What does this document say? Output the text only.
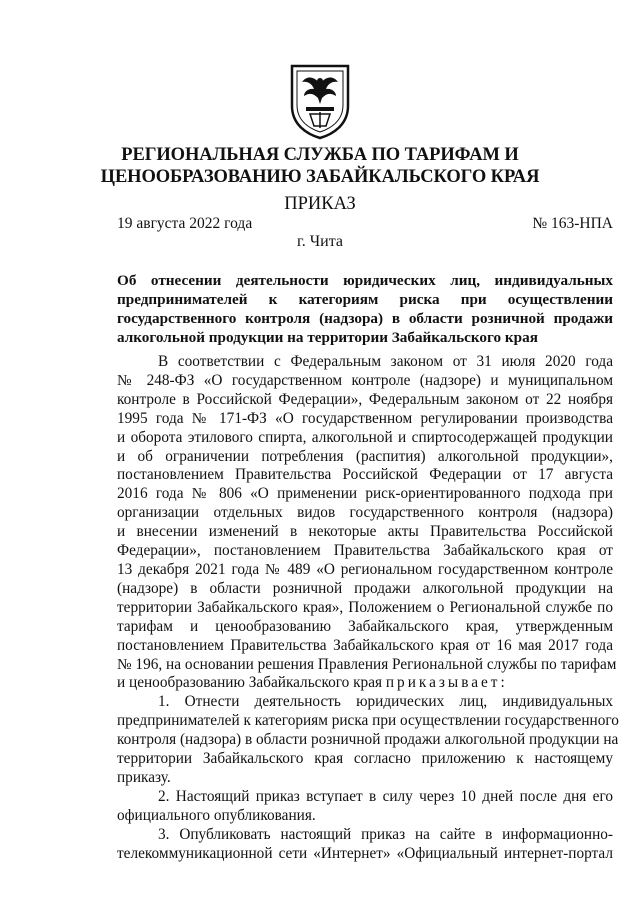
РЕГИОНАЛЬНАЯ СЛУЖБА ПО ТАРИФАМ И
ЦЕНООБРАЗОВАНИЮ ЗАБАЙКАЛЬСКОГО КРАЯ
ПРИКАЗ
19 августа 2022 года	№ 163-НПА
г. Чита
Об отнесении деятельности юридических лиц, индивидуальных
предпринимателей к категориям риска при осуществлении
государственного контроля (надзора) в области розничной продажи
алкогольной продукции на территории Забайкальского края
В соответствии с Федеральным законом от 31 июля 2020 года
№ 248-ФЗ «О государственном контроле (надзоре) и муниципальном
контроле в Российской Федерации», Федеральным законом от 22 ноября
1995 года № 171-ФЗ «О государственном регулировании производства
и оборота этилового спирта, алкогольной и спиртосодержащей продукции
и об ограничении потребления (распития) алкогольной продукции»,
постановлением Правительства Российской Федерации от 17 августа
2016 года № 806 «О применении риск-ориентированного подхода при
организации отдельных видов государственного контроля (надзора)
и внесении изменений в некоторые акты Правительства Российской
Федерации», постановлением Правительства Забайкальского края от
13 декабря 2021 года № 489 «О региональном государственном контроле
(надзоре) в области розничной продажи алкогольной продукции на
территории Забайкальского края», Положением о Региональной службе по
тарифам и ценообразованию Забайкальского края, утвержденным
постановлением Правительства Забайкальского края от 16 мая 2017 года
№ 196, на основании решения Правления Региональной службы по тарифам
и ценообразованию Забайкальского края приказывает:
1. Отнести деятельность юридических лиц, индивидуальных
предпринимателей к категориям риска при осуществлении государственного
контроля (надзора) в области розничной продажи алкогольной продукции на
территории Забайкальского края согласно приложению к настоящему
приказу.
2. Настоящий приказ вступает в силу через 10 дней после дня его
официального опубликования.
3. Опубликовать настоящий приказ на сайте в информационно-
телекоммуникационной сети «Интернет» «Официальный интернет-портал
